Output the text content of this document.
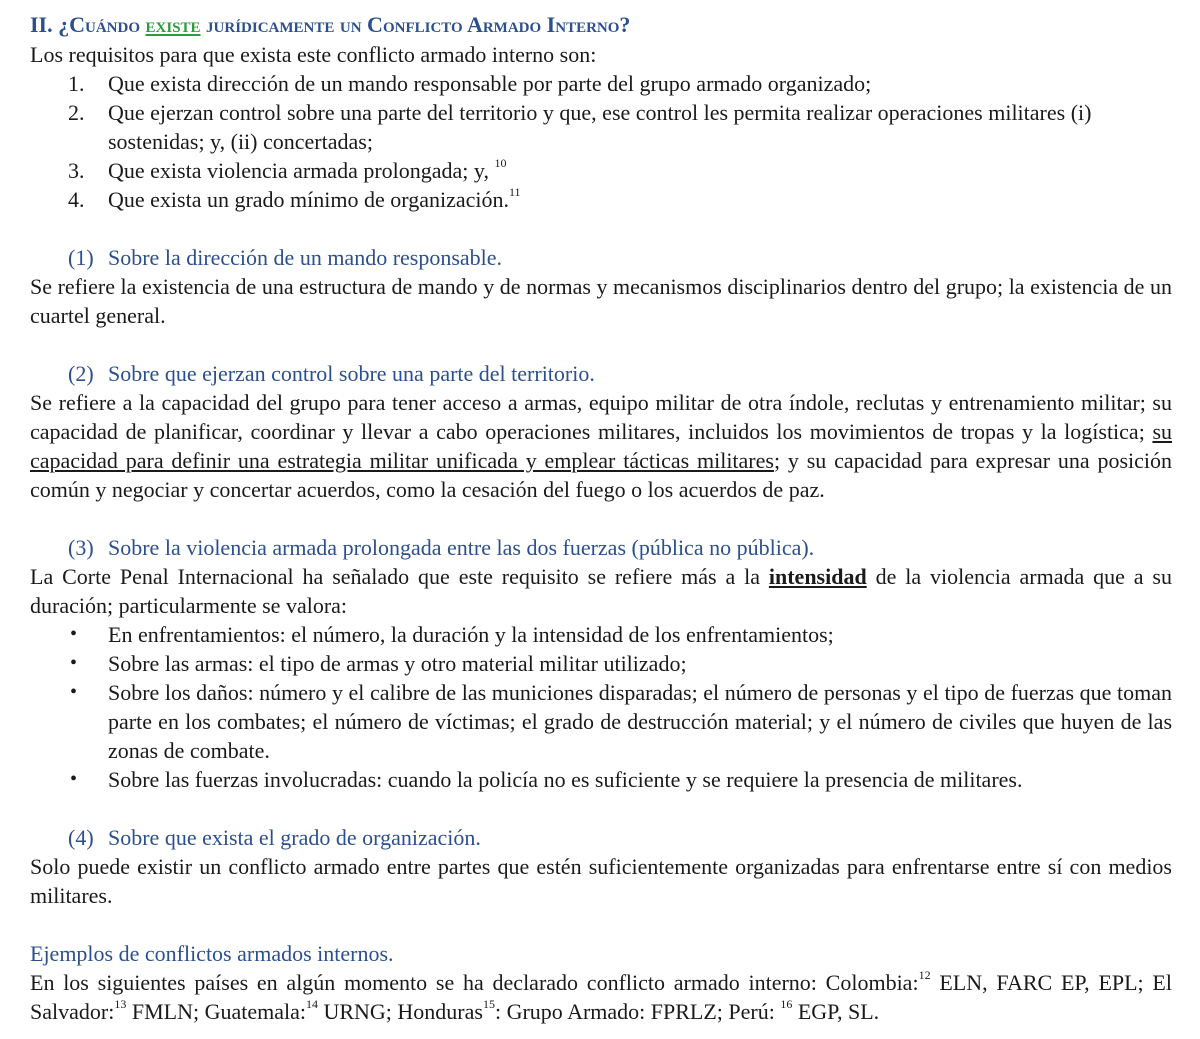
II. ¿Cuándo existe jurídicamente un Conflicto Armado Interno?

Los requisitos para que exista este conflicto armado interno son:

1. Que exista dirección de un mando responsable por parte del grupo armado organizado;
2. Que ejerzan control sobre una parte del territorio y que, ese control les permita realizar operaciones militares (i) sostenidas; y, (ii) concertadas;
3. Que exista violencia armada prolongada; y, $^{10}$
4. Que exista un grado mínimo de organización.$^{11}$
(1) Sobre la dirección de un mando responsable.

Se refiere la existencia de una estructura de mando y de normas y mecanismos disciplinarios dentro del grupo; la existencia de un cuartel general.

(2) Sobre que ejerzan control sobre una parte del territorio.

Se refiere a la capacidad del grupo para tener acceso a armas, equipo militar de otra índole, reclutas y entrenamiento militar; su capacidad de planificar, coordinar y llevar a cabo operaciones militares, incluidos los movimientos de tropas y la logística; su capacidad para definir una estrategia militar unificada y emplear tácticas militares; y su capacidad para expresar una posición común y negociar y concertar acuerdos, como la cesación del fuego o los acuerdos de paz.

(3) Sobre la violencia armada prolongada entre las dos fuerzas (pública no pública).

La Corte Penal Internacional ha señalado que este requisito se refiere más a la intensidad de la violencia armada que a su duración; particularmente se valora:

• En enfrentamientos: el número, la duración y la intensidad de los enfrentamientos;
• Sobre las armas: el tipo de armas y otro material militar utilizado;
• Sobre los daños: número y el calibre de las municiones disparadas; el número de personas y el tipo de fuerzas que toman parte en los combates; el número de víctimas; el grado de destrucción material; y el número de civiles que huyen de las zonas de combate.
• Sobre las fuerzas involucradas: cuando la policía no es suficiente y se requiere la presencia de militares.
(4) Sobre que exista el grado de organización.

Solo puede existir un conflicto armado entre partes que estén suficientemente organizadas para enfrentarse entre sí con medios militares.

Ejemplos de conflictos armados internos.

En los siguientes países en algún momento se ha declarado conflicto armado interno: Colombia:$^{12}$ ELN, FARC EP, EPL; El Salvador:$^{13}$ FMLN; Guatemala:$^{14}$ URNG; Honduras$^{15}$: Grupo Armado: FPRLZ; Perú: $^{16}$ EGP, SL.
